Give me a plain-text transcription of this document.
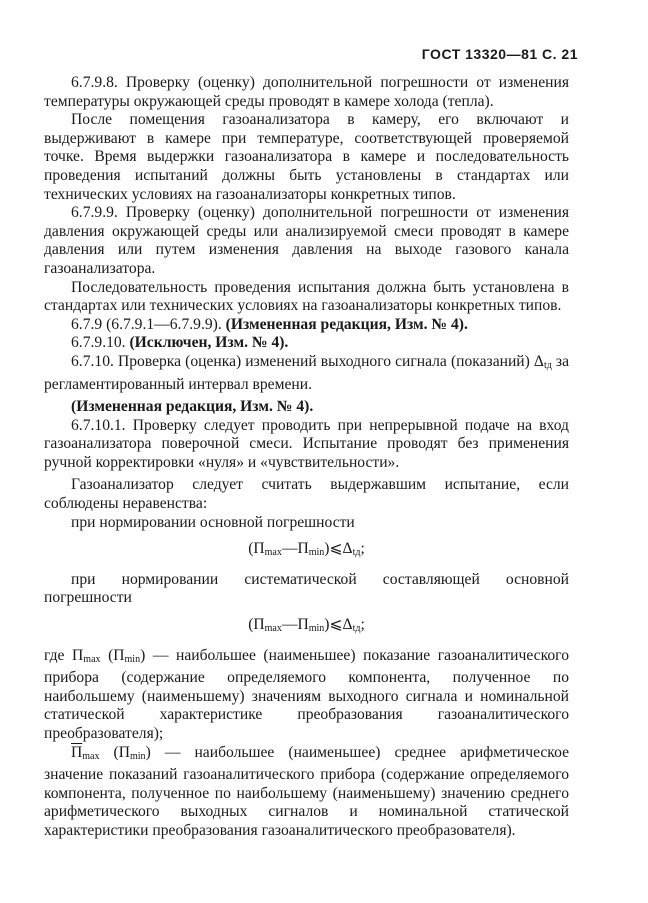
ГОСТ 13320—81 С. 21

6.7.9.8. Проверку (оценку) дополнительной погрешности от изменения температуры окружающей среды проводят в камере холода (тепла).

После помещения газоанализатора в камеру, его включают и выдерживают в камере при температуре, соответствующей проверяемой точке. Время выдержки газоанализатора в камере и последовательность проведения испытаний должны быть установлены в стандартах или технических условиях на газоанализаторы конкретных типов.

6.7.9.9. Проверку (оценку) дополнительной погрешности от изменения давления окружающей среды или анализируемой смеси проводят в камере давления или путем изменения давления на выходе газового канала газоанализатора.

Последовательность проведения испытания должна быть установлена в стандартах или технических условиях на газоанализаторы конкретных типов.

6.7.9 (6.7.9.1—6.7.9.9). (Измененная редакция, Изм. № 4).

6.7.9.10. (Исключен, Изм. № 4).

6.7.10. Проверка (оценка) изменений выходного сигнала (показаний) $\Delta_{tд}$ за регламентированный интервал времени.

(Измененная редакция, Изм. № 4).

6.7.10.1. Проверку следует проводить при непрерывной подаче на вход газоанализатора поверочной смеси. Испытание проводят без применения ручной корректировки «нуля» и «чувствительности».

Газоанализатор следует считать выдержавшим испытание, если соблюдены неравенства:

при нормировании основной погрешности

$(\Pi_{max}—\Pi_{min})⩽\Delta_{tд}$;

при нормировании систематической составляющей основной погрешности

$(\Pi_{max}—\Pi_{min})⩽\Delta_{tд}$;

где $\Pi_{max}$ $(\Pi_{min})$ — наибольшее (наименьшее) показание газоаналитического прибора (содержание определяемого компонента, полученное по наибольшему (наименьшему) значениям выходного сигнала и номинальной статической характеристике преобразования газоаналитического преобразователя);

$\overline{\Pi}_{max}$ $(\Pi_{min})$ — наибольшее (наименьшее) среднее арифметическое значение показаний газоаналитического прибора (содержание определяемого компонента, полученное по наибольшему (наименьшему) значению среднего арифметического выходных сигналов и номинальной статической характеристики преобразования газоаналитического преобразователя).
